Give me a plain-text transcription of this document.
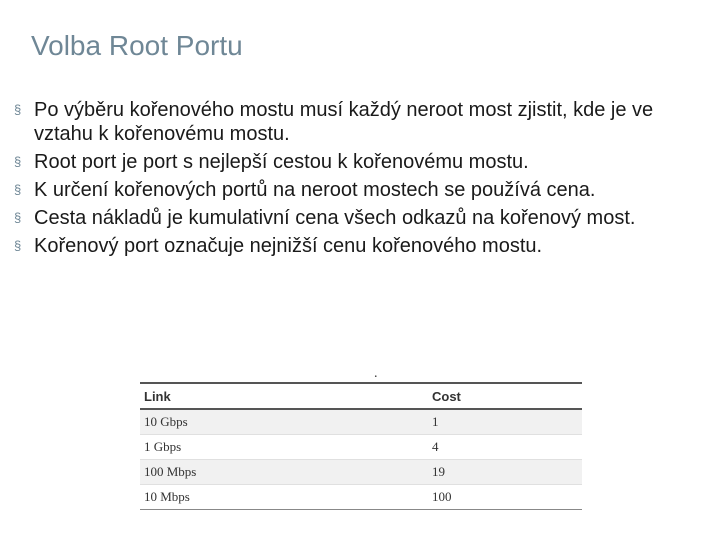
Volba Root Portu
§ Po výběru kořenového mostu musí každý neroot most zjistit, kde je ve vztahu k kořenovému mostu.
§ Root port je port s nejlepší cestou k kořenovému mostu.
§ K určení kořenových portů na neroot mostech se používá cena.
§ Cesta nákladů je kumulativní cena všech odkazů na kořenový most.
§ Kořenový port označuje nejnižší cenu kořenového mostu.
.
Link	Cost
10 Gbps	1
1 Gbps	4
100 Mbps	19
10 Mbps	100
